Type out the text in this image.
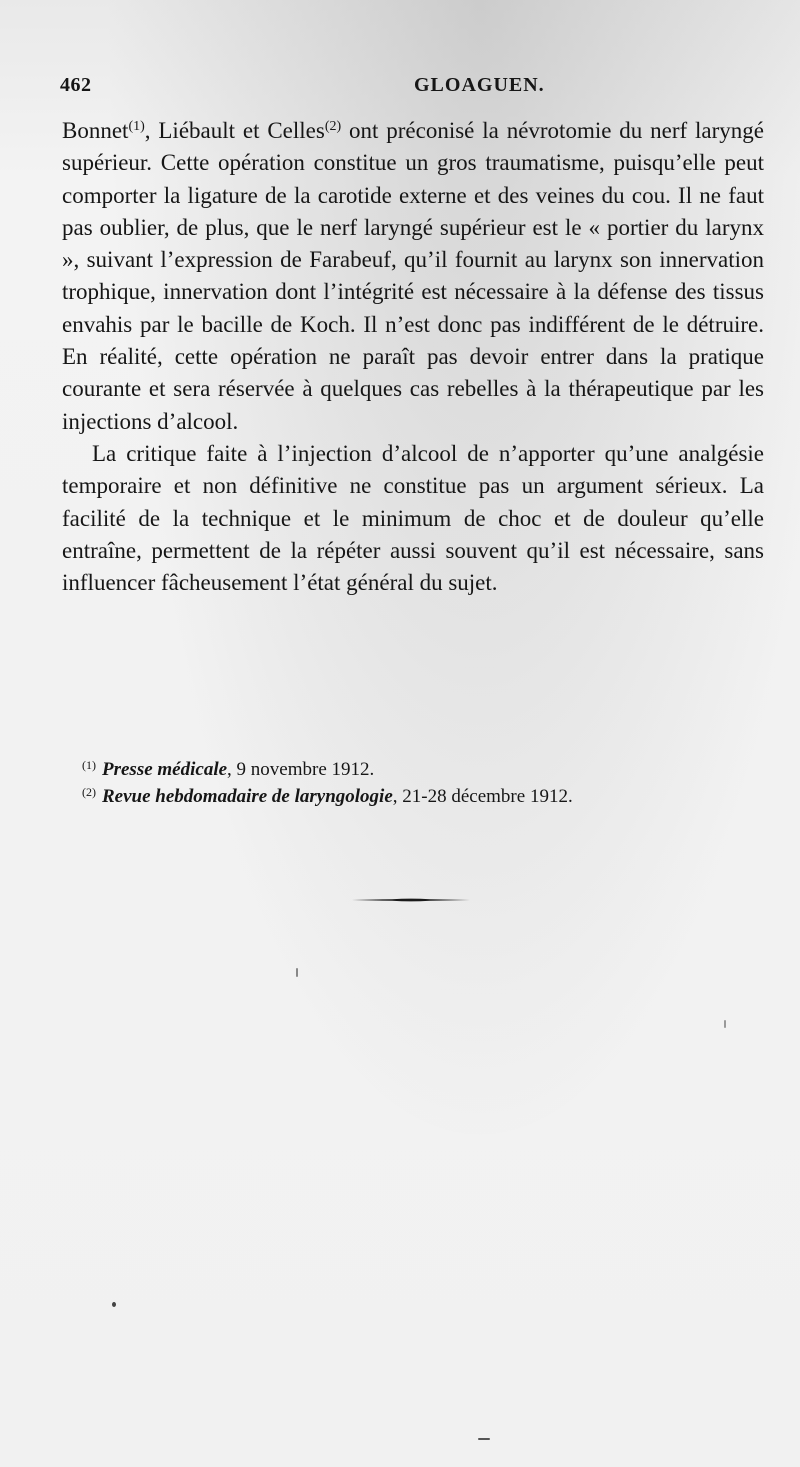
462	GLOAGUEN.

Bonnet$^{(1)}$, Liébault et Celles$^{(2)}$ ont préconisé la névrotomie du nerf laryngé supérieur. Cette opération constitue un gros traumatisme, puisqu’elle peut comporter la ligature de la carotide externe et des veines du cou. Il ne faut pas oublier, de plus, que le nerf laryngé supérieur est le « portier du larynx », suivant l’expression de Farabeuf, qu’il fournit au larynx son innervation trophique, innervation dont l’intégrité est nécessaire à la défense des tissus envahis par le bacille de Koch. Il n’est donc pas indifférent de le détruire. En réalité, cette opération ne paraît pas devoir entrer dans la pratique courante et sera réservée à quelques cas rebelles à la thérapeutique par les injections d’alcool.

La critique faite à l’injection d’alcool de n’apporter qu’une analgésie temporaire et non définitive ne constitue pas un argument sérieux. La facilité de la technique et le minimum de choc et de douleur qu’elle entraîne, permettent de la répéter aussi souvent qu’il est nécessaire, sans influencer fâcheusement l’état général du sujet.

$^{(1)}$ Presse médicale, 9 novembre 1912.
$^{(2)}$ Revue hebdomadaire de laryngologie, 21-28 décembre 1912.
